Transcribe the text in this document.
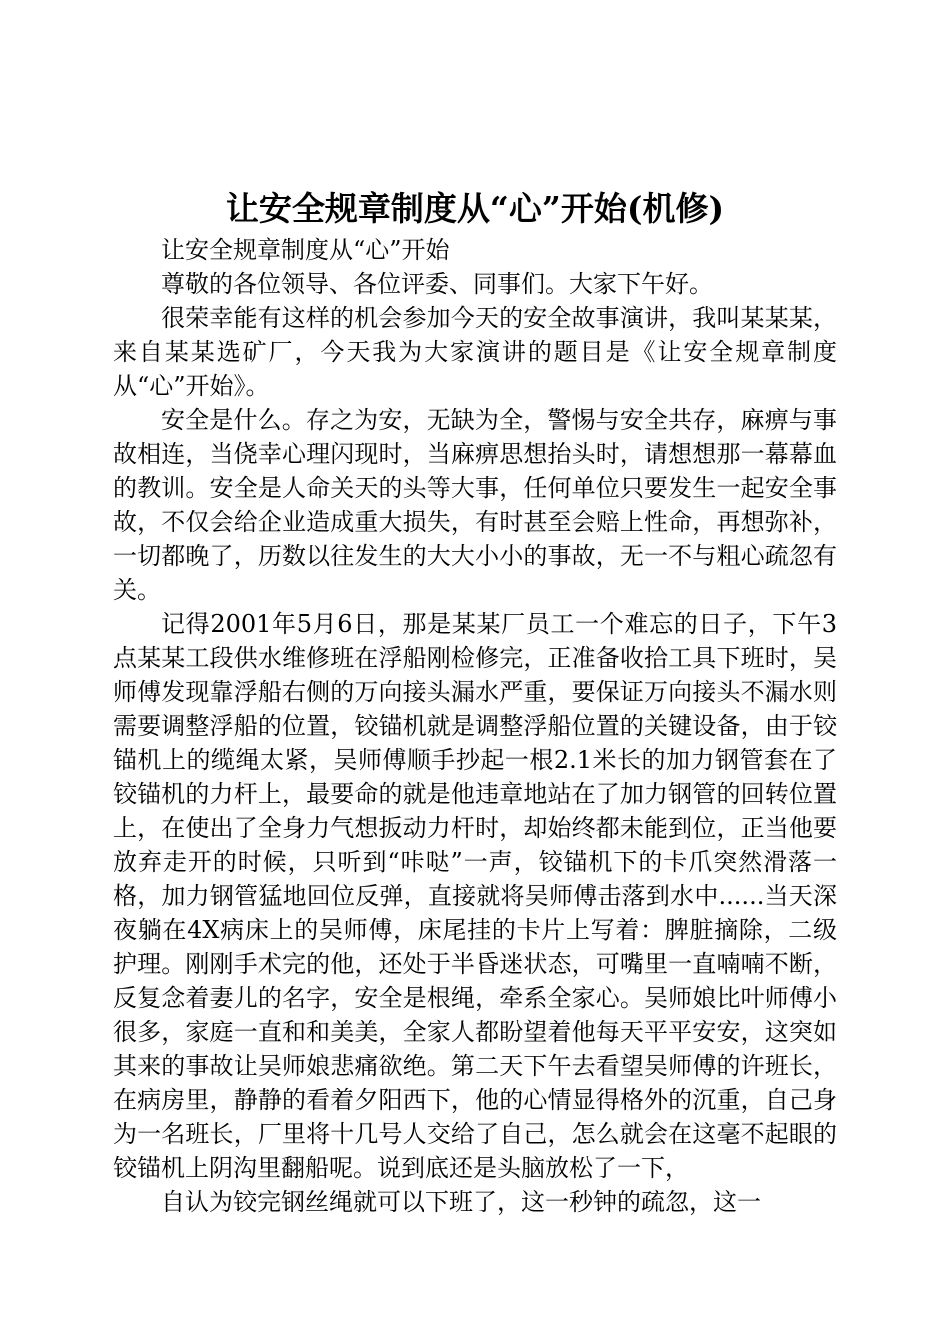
让安全规章制度从“心”开始(机修)

让安全规章制度从“心”开始

尊敬的各位领导、各位评委、同事们。大家下午好。

很荣幸能有这样的机会参加今天的安全故事演讲，我叫某某某，来自某某选矿厂，今天我为大家演讲的题目是《让安全规章制度从“心”开始》。

安全是什么。存之为安，无缺为全，警惕与安全共存，麻痹与事故相连，当侥幸心理闪现时，当麻痹思想抬头时，请想想那一幕幕血的教训。安全是人命关天的头等大事，任何单位只要发生一起安全事故，不仅会给企业造成重大损失，有时甚至会赔上性命，再想弥补，一切都晚了，历数以往发生的大大小小的事故，无一不与粗心疏忽有关。

记得2001年5月6日，那是某某厂员工一个难忘的日子，下午3点某某工段供水维修班在浮船刚检修完，正准备收拾工具下班时，吴师傅发现靠浮船右侧的万向接头漏水严重，要保证万向接头不漏水则需要调整浮船的位置，铰锚机就是调整浮船位置的关键设备，由于铰锚机上的缆绳太紧，吴师傅顺手抄起一根2.1米长的加力钢管套在了铰锚机的力杆上，最要命的就是他违章地站在了加力钢管的回转位置上，在使出了全身力气想扳动力杆时，却始终都未能到位，正当他要放弃走开的时候，只听到“咔哒”一声，铰锚机下的卡爪突然滑落一格，加力钢管猛地回位反弹，直接就将吴师傅击落到水中......当天深夜躺在4X病床上的吴师傅，床尾挂的卡片上写着：脾脏摘除，二级护理。刚刚手术完的他，还处于半昏迷状态，可嘴里一直喃喃不断，反复念着妻儿的名字，安全是根绳，牵系全家心。吴师娘比叶师傅小很多，家庭一直和和美美，全家人都盼望着他每天平平安安，这突如其来的事故让吴师娘悲痛欲绝。第二天下午去看望吴师傅的许班长，在病房里，静静的看着夕阳西下，他的心情显得格外的沉重，自己身为一名班长，厂里将十几号人交给了自己，怎么就会在这毫不起眼的铰锚机上阴沟里翻船呢。说到底还是头脑放松了一下，

自认为铰完钢丝绳就可以下班了，这一秒钟的疏忽，这一
